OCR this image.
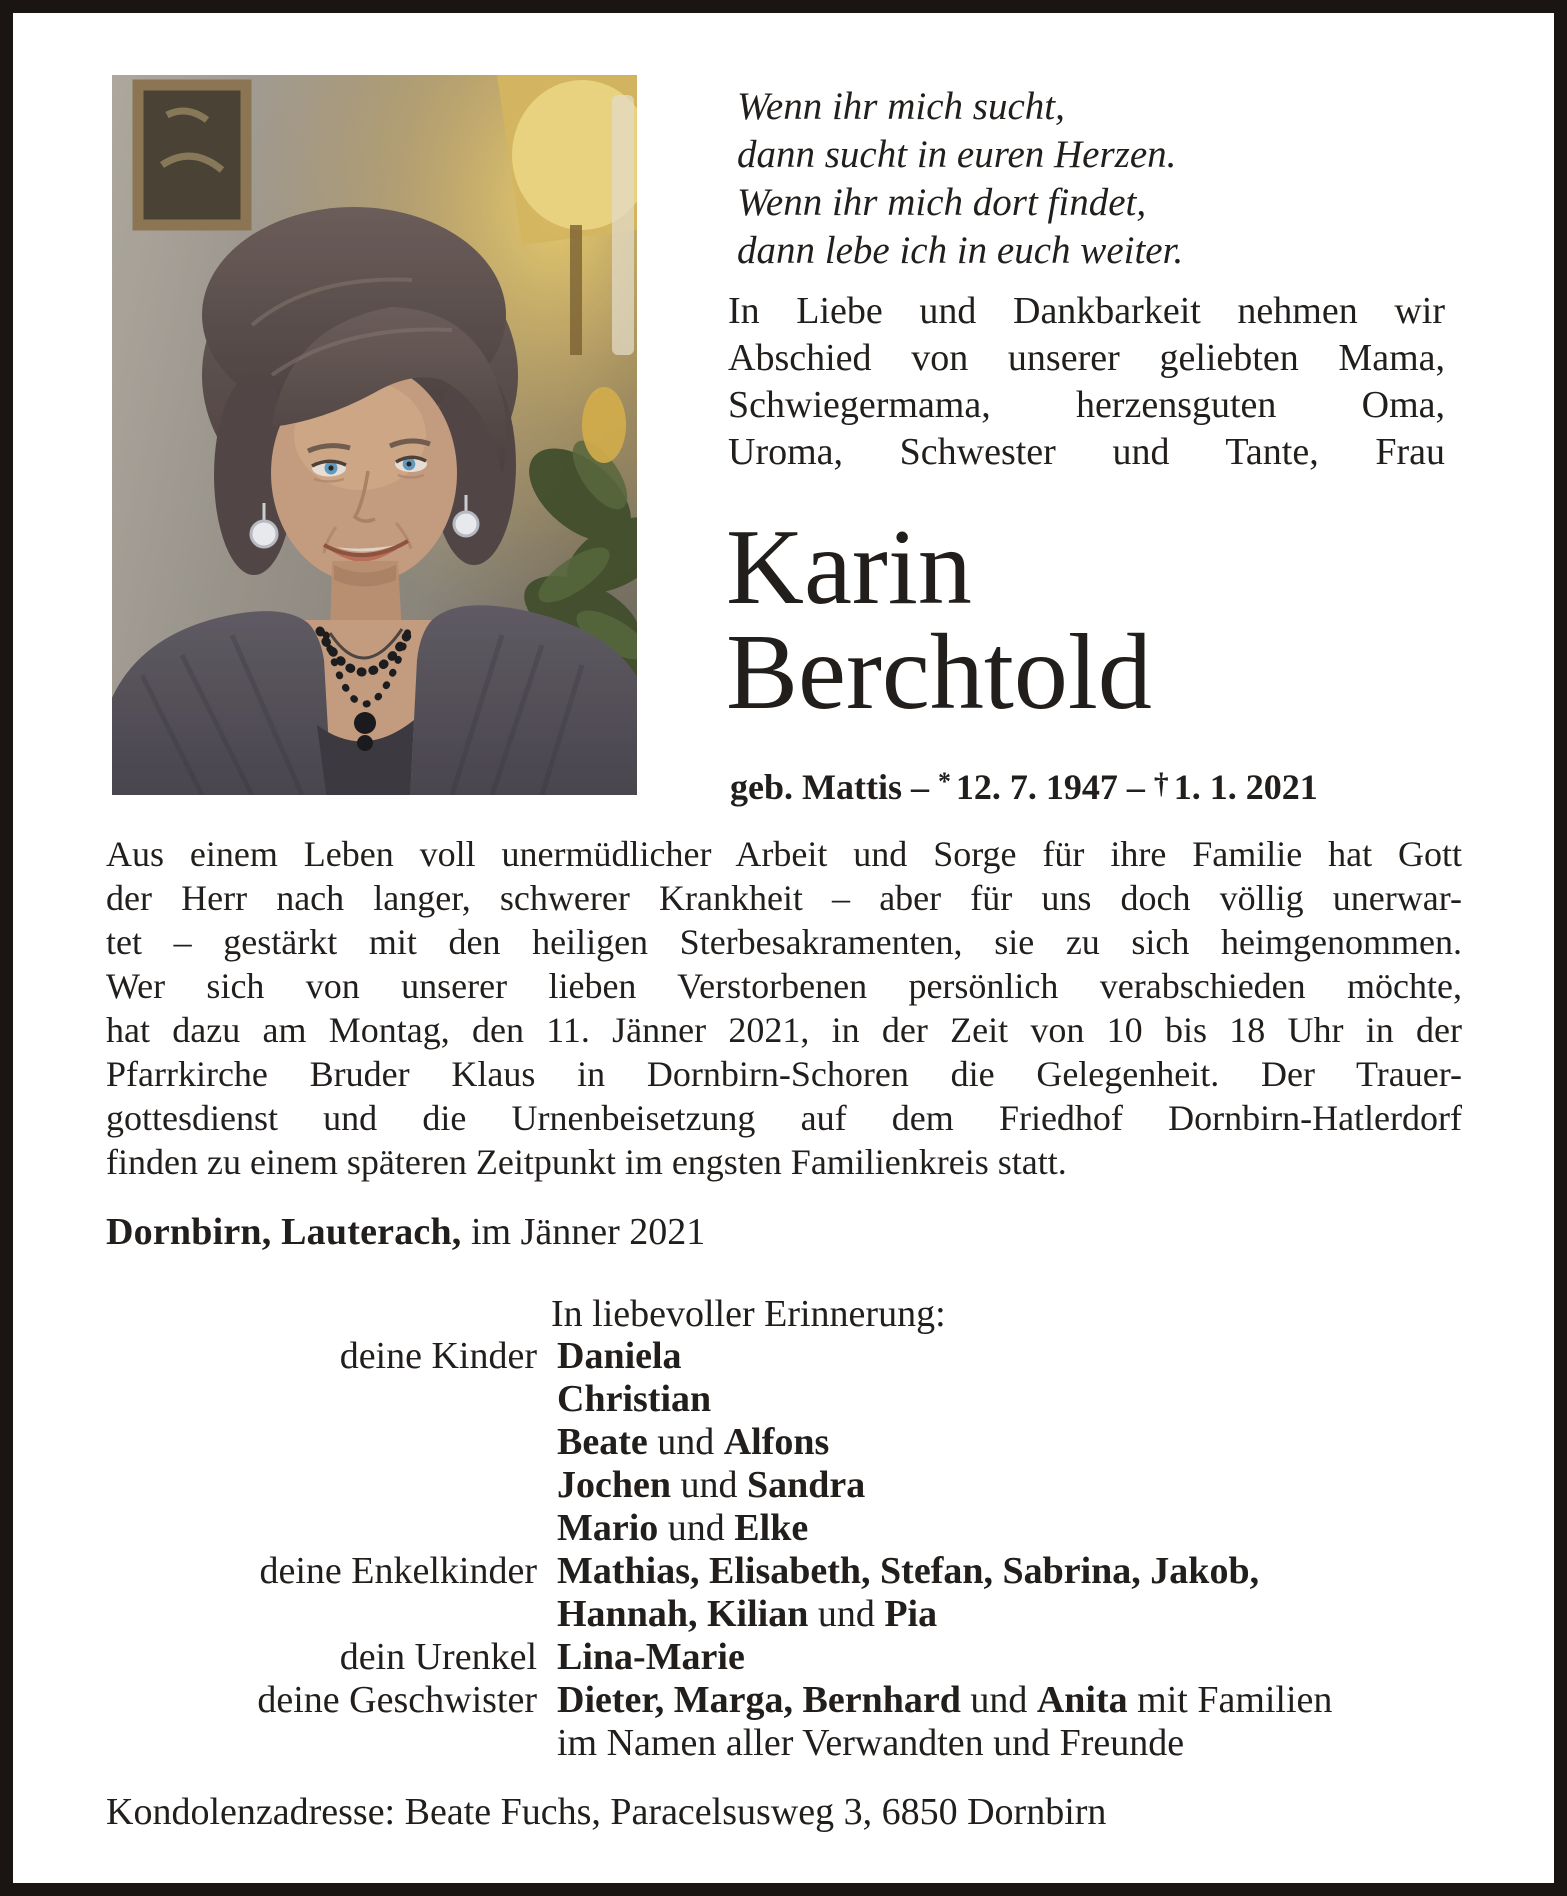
Wenn ihr mich sucht,
dann sucht in euren Herzen.
Wenn ihr mich dort findet,
dann lebe ich in euch weiter.
In Liebe und Dankbarkeit nehmen wir
Abschied von unserer geliebten Mama,
Schwiegermama, herzensguten Oma,
Uroma, Schwester und Tante, Frau
Karin
Berchtold
geb. Mattis – * 12. 7. 1947 – † 1. 1. 2021
Aus einem Leben voll unermüdlicher Arbeit und Sorge für ihre Familie hat Gott
der Herr nach langer, schwerer Krankheit – aber für uns doch völlig unerwar-
tet – gestärkt mit den heiligen Sterbesakramenten, sie zu sich heimgenommen.
Wer sich von unserer lieben Verstorbenen persönlich verabschieden möchte,
hat dazu am Montag, den 11. Jänner 2021, in der Zeit von 10 bis 18 Uhr in der
Pfarrkirche Bruder Klaus in Dornbirn-Schoren die Gelegenheit. Der Trauer-
gottesdienst und die Urnenbeisetzung auf dem Friedhof Dornbirn-Hatlerdorf
finden zu einem späteren Zeitpunkt im engsten Familienkreis statt.
Dornbirn, Lauterach, im Jänner 2021
In liebevoller Erinnerung:
deine Kinder Daniela
Christian
Beate und Alfons
Jochen und Sandra
Mario und Elke
deine Enkelkinder Mathias, Elisabeth, Stefan, Sabrina, Jakob,
Hannah, Kilian und Pia
dein Urenkel Lina-Marie
deine Geschwister Dieter, Marga, Bernhard und Anita mit Familien
im Namen aller Verwandten und Freunde
Kondolenzadresse: Beate Fuchs, Paracelsusweg 3, 6850 Dornbirn
